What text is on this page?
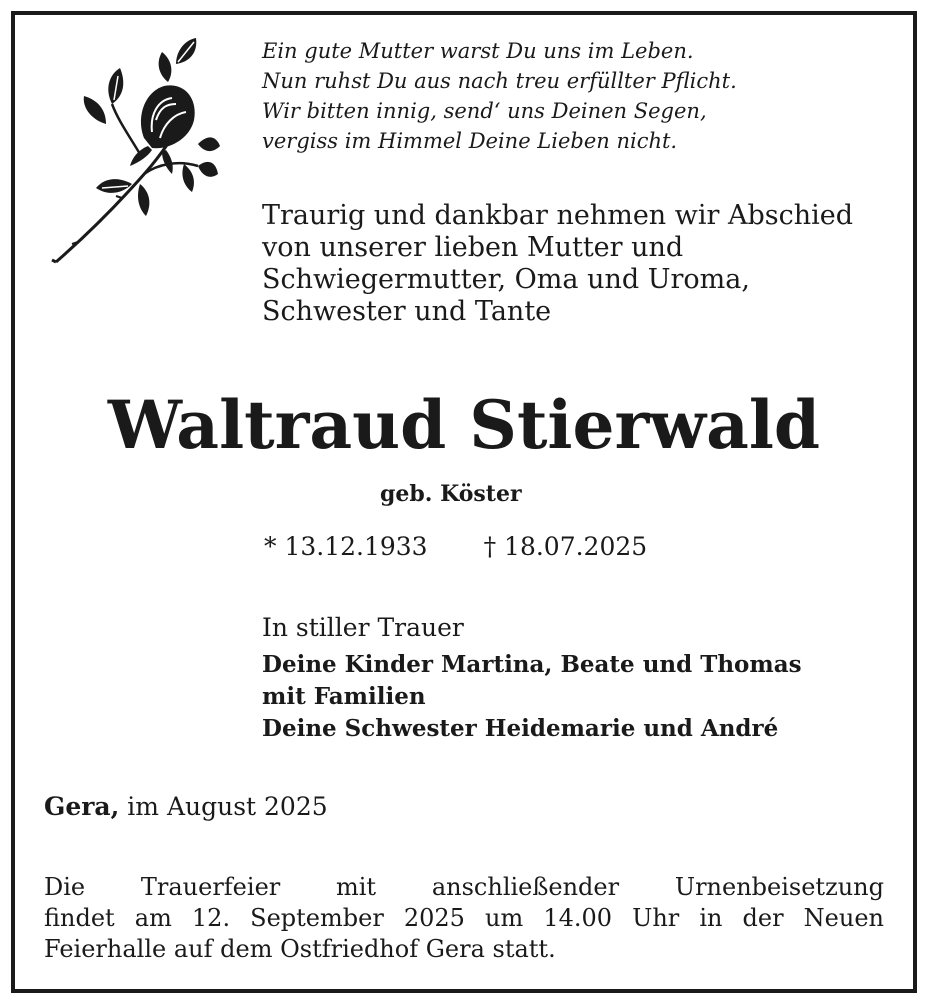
Ein gute Mutter warst Du uns im Leben.
Nun ruhst Du aus nach treu erfüllter Pflicht.
Wir bitten innig, send‘ uns Deinen Segen,
vergiss im Himmel Deine Lieben nicht.
Traurig und dankbar nehmen wir Abschied
von unserer lieben Mutter und
Schwiegermutter, Oma und Uroma,
Schwester und Tante
Waltraud Stierwald
geb. Köster
* 13.12.1933 † 18.07.2025
In stiller Trauer
Deine Kinder Martina, Beate und Thomas
mit Familien
Deine Schwester Heidemarie und André
Gera, im August 2025
Die Trauerfeier mit anschließender Urnenbeisetzung
findet am 12. September 2025 um 14.00 Uhr in der Neuen
Feierhalle auf dem Ostfriedhof Gera statt.
